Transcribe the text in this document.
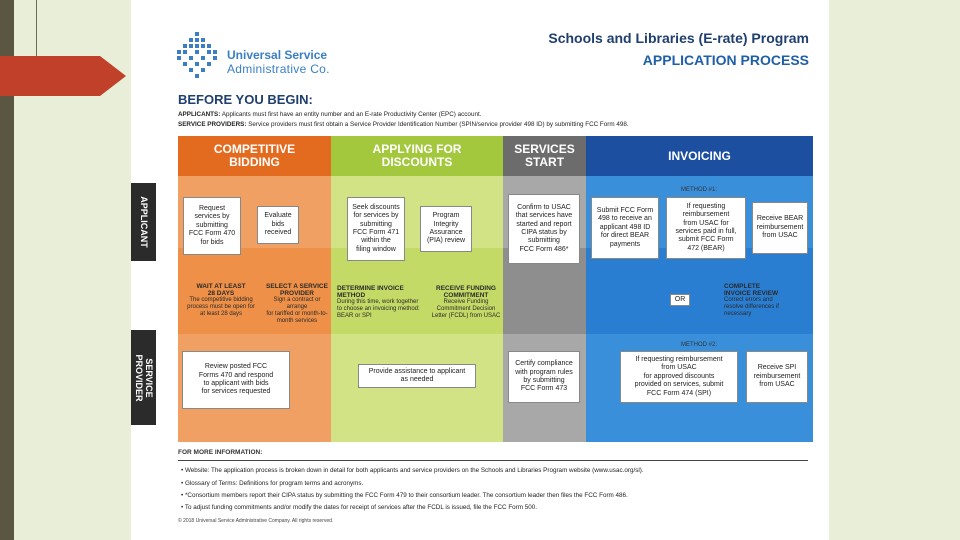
Universal Service
Administrative Co.
Schools and Libraries (E-rate) Program
APPLICATION PROCESS
BEFORE YOU BEGIN:
APPLICANTS: Applicants must first have an entity number and an E-rate Productivity Center (EPC) account.
SERVICE PROVIDERS: Service providers must first obtain a Service Provider Identification Number (SPIN/service provider 498 ID) by submitting FCC Form 498.
APPLICANT
SERVICE
PROVIDER
COMPETITIVE
BIDDING
Request
services by
submitting
FCC Form 470
for bids
Evaluate
bids
received
WAIT AT LEAST
28 DAYS
The competitive bidding
process must be open for
at least 28 days
SELECT A SERVICE
PROVIDER
Sign a contract or arrange
for tariffed or month-to-
month services
Review posted FCC
Forms 470 and respond
to applicant with bids
for services requested
APPLYING FOR
DISCOUNTS
Seek discounts
for services by
submitting
FCC Form 471
within the
filing window
Program
Integrity
Assurance
(PIA) review
DETERMINE INVOICE
METHOD
During this time, work together
to choose an invoicing method:
BEAR or SPI
RECEIVE FUNDING
COMMITMENT
Receive Funding
Commitment Decision
Letter (FCDL) from USAC
Provide assistance to applicant
as needed
SERVICES
START
Confirm to USAC
that services have
started and report
CIPA status by
submitting
FCC Form 486*
Certify compliance
with program rules
by submitting
FCC Form 473
INVOICING
METHOD #1:
Submit FCC Form
498 to receive an
applicant 498 ID
for direct BEAR
payments
If requesting
reimbursement
from USAC for
services paid in full,
submit FCC Form
472 (BEAR)
Receive BEAR
reimbursement
from USAC
OR
COMPLETE
INVOICE REVIEW
Correct errors and
resolve differences if
necessary
METHOD #2:
If requesting reimbursement
from USAC
for approved discounts
provided on services, submit
FCC Form 474 (SPI)
Receive SPI
reimbursement
from USAC
FOR MORE INFORMATION:
• Website: The application process is broken down in detail for both applicants and service providers on the Schools and Libraries Program website (www.usac.org/sl).
• Glossary of Terms: Definitions for program terms and acronyms.
• *Consortium members report their CIPA status by submitting the FCC Form 479 to their consortium leader. The consortium leader then files the FCC Form 486.
• To adjust funding commitments and/or modify the dates for receipt of services after the FCDL is issued, file the FCC Form 500.
© 2018 Universal Service Administrative Company. All rights reserved.
